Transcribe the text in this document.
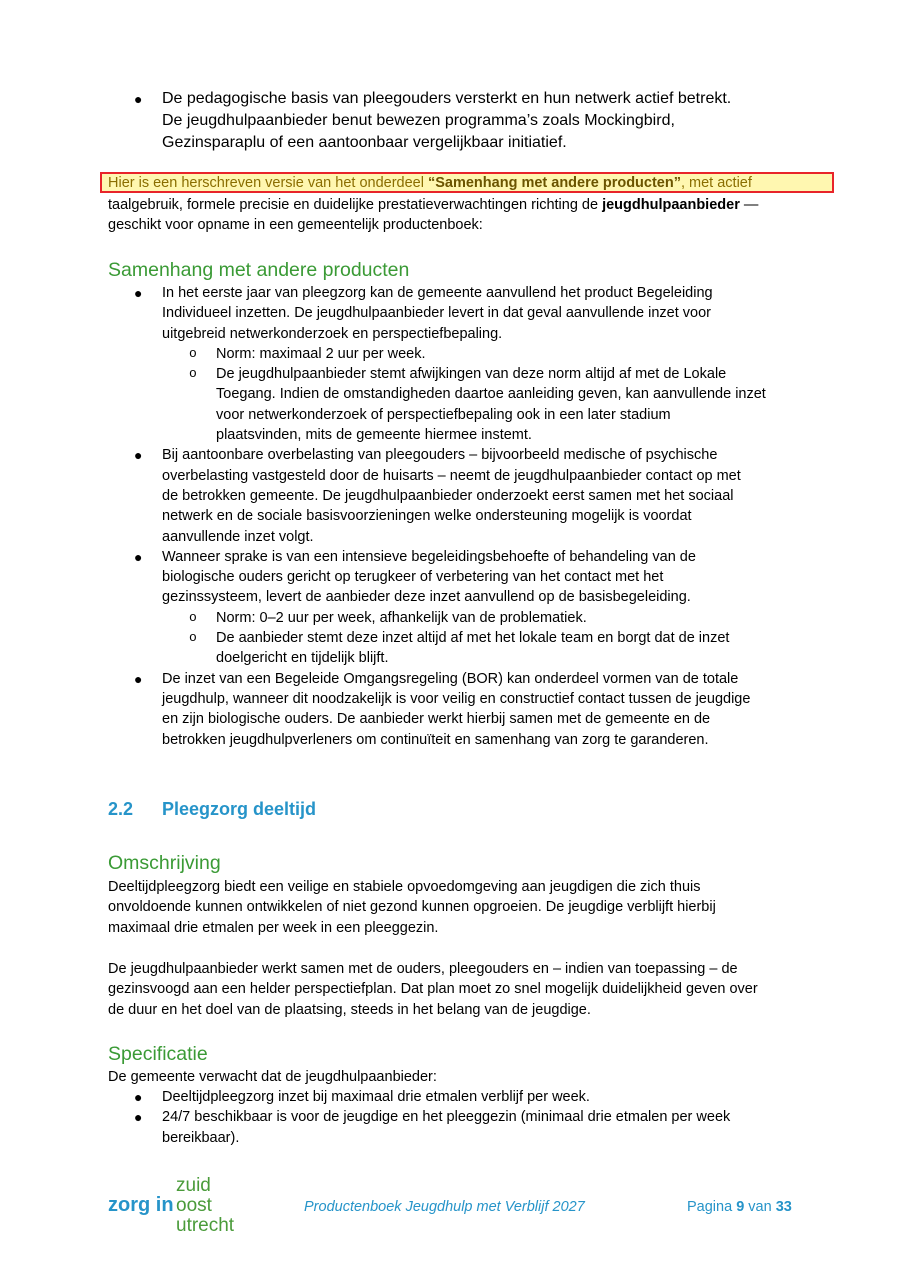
● De pedagogische basis van pleegouders versterkt en hun netwerk actief betrekt.
De jeugdhulpaanbieder benut bewezen programma’s zoals Mockingbird,
Gezinsparaplu of een aantoonbaar vergelijkbaar initiatief.
Hier is een herschreven versie van het onderdeel “Samenhang met andere producten”, met actief
taalgebruik, formele precisie en duidelijke prestatieverwachtingen richting de jeugdhulpaanbieder —
geschikt voor opname in een gemeentelijk productenboek:

Samenhang met andere producten

● In het eerste jaar van pleegzorg kan de gemeente aanvullend het product Begeleiding
Individueel inzetten. De jeugdhulpaanbieder levert in dat geval aanvullende inzet voor
uitgebreid netwerkonderzoek en perspectiefbepaling.
o Norm: maximaal 2 uur per week.
o De jeugdhulpaanbieder stemt afwijkingen van deze norm altijd af met de Lokale
Toegang. Indien de omstandigheden daartoe aanleiding geven, kan aanvullende inzet
voor netwerkonderzoek of perspectiefbepaling ook in een later stadium
plaatsvinden, mits de gemeente hiermee instemt.
● Bij aantoonbare overbelasting van pleegouders – bijvoorbeeld medische of psychische
overbelasting vastgesteld door de huisarts – neemt de jeugdhulpaanbieder contact op met
de betrokken gemeente. De jeugdhulpaanbieder onderzoekt eerst samen met het sociaal
netwerk en de sociale basisvoorzieningen welke ondersteuning mogelijk is voordat
aanvullende inzet volgt.
● Wanneer sprake is van een intensieve begeleidingsbehoefte of behandeling van de
biologische ouders gericht op terugkeer of verbetering van het contact met het
gezinssysteem, levert de aanbieder deze inzet aanvullend op de basisbegeleiding.
o Norm: 0–2 uur per week, afhankelijk van de problematiek.
o De aanbieder stemt deze inzet altijd af met het lokale team en borgt dat de inzet
doelgericht en tijdelijk blijft.
● De inzet van een Begeleide Omgangsregeling (BOR) kan onderdeel vormen van de totale
jeugdhulp, wanneer dit noodzakelijk is voor veilig en constructief contact tussen de jeugdige
en zijn biologische ouders. De aanbieder werkt hierbij samen met de gemeente en de
betrokken jeugdhulpverleners om continuïteit en samenhang van zorg te garanderen.

2.2 Pleegzorg deeltijd

Omschrijving

Deeltijdpleegzorg biedt een veilige en stabiele opvoedomgeving aan jeugdigen die zich thuis
onvoldoende kunnen ontwikkelen of niet gezond kunnen opgroeien. De jeugdige verblijft hierbij
maximaal drie etmalen per week in een pleeggezin.

De jeugdhulpaanbieder werkt samen met de ouders, pleegouders en – indien van toepassing – de
gezinsvoogd aan een helder perspectiefplan. Dat plan moet zo snel mogelijk duidelijkheid geven over
de duur en het doel van de plaatsing, steeds in het belang van de jeugdige.

Specificatie

De gemeente verwacht dat de jeugdhulpaanbieder:

● Deeltijdpleegzorg inzet bij maximaal drie etmalen verblijf per week.
● 24/7 beschikbaar is voor de jeugdige en het pleeggezin (minimaal drie etmalen per week
bereikbaar).
zorg in
zuid
oost
utrecht
Productenboek Jeugdhulp met Verblijf 2027	Pagina 9 van 33
